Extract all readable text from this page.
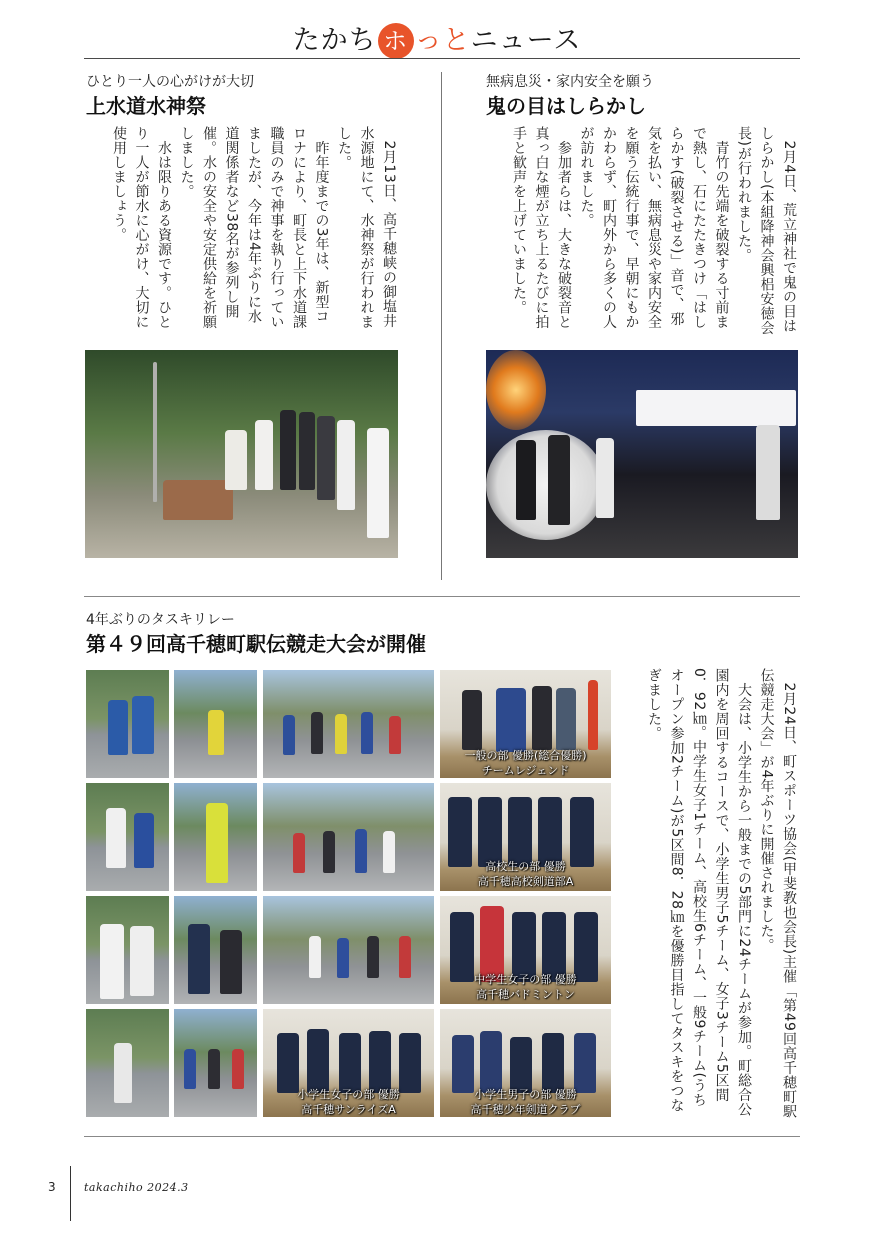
たかち ホ っとニュース
ひとり一人の心がけが大切
上水道水神祭
　2月13日、高千穂峡の御塩井水源地にて、水神祭が行われました。
　昨年度までの3年は、新型コロナにより、町長と上下水道課職員のみで神事を執り行っていましたが、今年は4年ぶりに水道関係者など38名が参列し開催。水の安全や安定供給を祈願しました。
　水は限りある資源です。ひとり一人が節水に心がけ、大切に使用しましょう。
無病息災・家内安全を願う
鬼の目はしらかし
　2月4日、荒立神社で鬼の目はしらかし(本組降神会興梠安徳会長)が行われました。
　青竹の先端を破裂する寸前まで熱し、石にたたきつけ「はしらかす(破裂させる)」音で、邪気を払い、無病息災や家内安全を願う伝統行事で、早朝にもかかわらず、町内外から多くの人が訪れました。
　参加者らは、大きな破裂音と真っ白な煙が立ち上るたびに拍手と歓声を上げていました。
4年ぶりのタスキリレー
第４９回高千穂町駅伝競走大会が開催
　2月24日、町スポーツ協会(甲斐教也会長)主催「第49回高千穂町駅伝競走大会」が4年ぶりに開催されました。
　大会は、小学生から一般までの5部門に24チームが参加。町総合公園内を周回するコースで、小学生男子5チーム、女子3チーム5区間0．92㎞。中学生女子1チーム、高校生6チーム、一般9チーム(うちオープン参加2チーム)が5区間8．28㎞を優勝目指してタスキをつなぎました。
一般の部 優勝(総合優勝)
チームレジェンド
高校生の部 優勝
高千穂高校剣道部A
中学生女子の部 優勝
高千穂バドミントン
小学生女子の部 優勝
高千穂サンライズA
小学生男子の部 優勝
高千穂少年剣道クラブ
3	takachiho 2024.3
